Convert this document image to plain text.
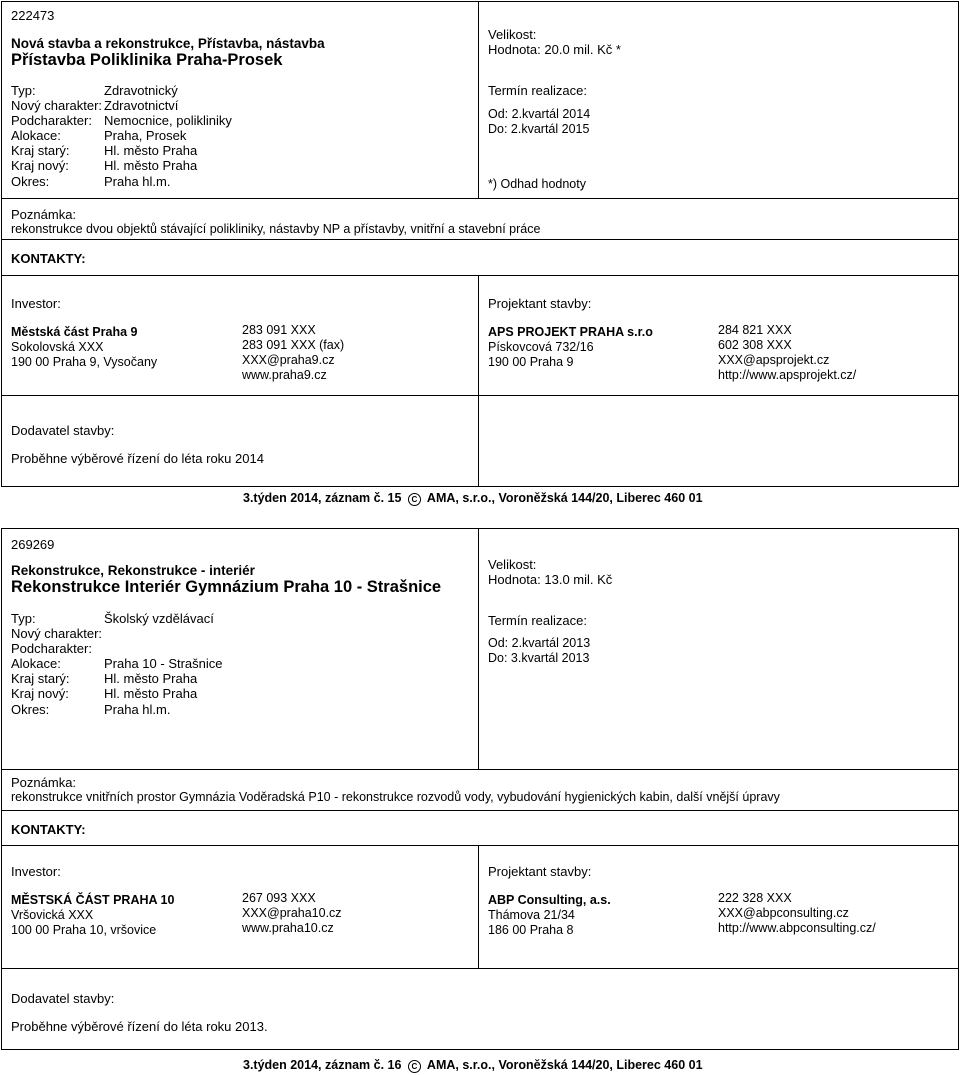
222473
Nová stavba a rekonstrukce, Přístavba, nástavba
Přístavba Poliklinika Praha-Prosek
Typ:	Zdravotnický
Nový charakter: Zdravotnictví
Podcharakter: Nemocnice, polikliniky
Alokace:	Praha, Prosek
Kraj starý:	Hl. město Praha
Kraj nový:	Hl. město Praha
Okres:	Praha hl.m.
Velikost:
Hodnota: 20.0 mil. Kč *
Termín realizace:
Od: 2.kvartál 2014
Do: 2.kvartál 2015
*) Odhad hodnoty
Poznámka:
rekonstrukce dvou objektů stávající polikliniky, nástavby NP a přístavby, vnitřní a stavební práce
KONTAKTY:
Investor:
Městská část Praha 9
Sokolovská XXX
190 00 Praha 9, Vysočany
283 091 XXX
283 091 XXX (fax)
XXX@praha9.cz
www.praha9.cz
Projektant stavby:
APS PROJEKT PRAHA s.r.o
Pískovcová 732/16
190 00 Praha 9
284 821 XXX
602 308 XXX
XXX@apsprojekt.cz
http://www.apsprojekt.cz/
Dodavatel stavby:
Proběhne výběrové řízení do léta roku 2014
3.týden 2014, záznam č. 15 C AMA, s.r.o., Voroněžská 144/20, Liberec 460 01
269269
Rekonstrukce, Rekonstrukce - interiér
Rekonstrukce Interiér Gymnázium Praha 10 - Strašnice
Typ:	Školský vzdělávací
Nový charakter:
Podcharakter:
Alokace:	Praha 10 - Strašnice
Kraj starý:	Hl. město Praha
Kraj nový:	Hl. město Praha
Okres:	Praha hl.m.
Velikost:
Hodnota: 13.0 mil. Kč
Termín realizace:
Od: 2.kvartál 2013
Do: 3.kvartál 2013
Poznámka:
rekonstrukce vnitřních prostor Gymnázia Voděradská P10 - rekonstrukce rozvodů vody, vybudování hygienických kabin, další vnější úpravy
KONTAKTY:
Investor:
MĚSTSKÁ ČÁST PRAHA 10
Vršovická XXX
100 00 Praha 10, vršovice
267 093 XXX
XXX@praha10.cz
www.praha10.cz
Projektant stavby:
ABP Consulting, a.s.
Thámova 21/34
186 00 Praha 8
222 328 XXX
XXX@abpconsulting.cz
http://www.abpconsulting.cz/
Dodavatel stavby:
Proběhne výběrové řízení do léta roku 2013.
3.týden 2014, záznam č. 16 C AMA, s.r.o., Voroněžská 144/20, Liberec 460 01
